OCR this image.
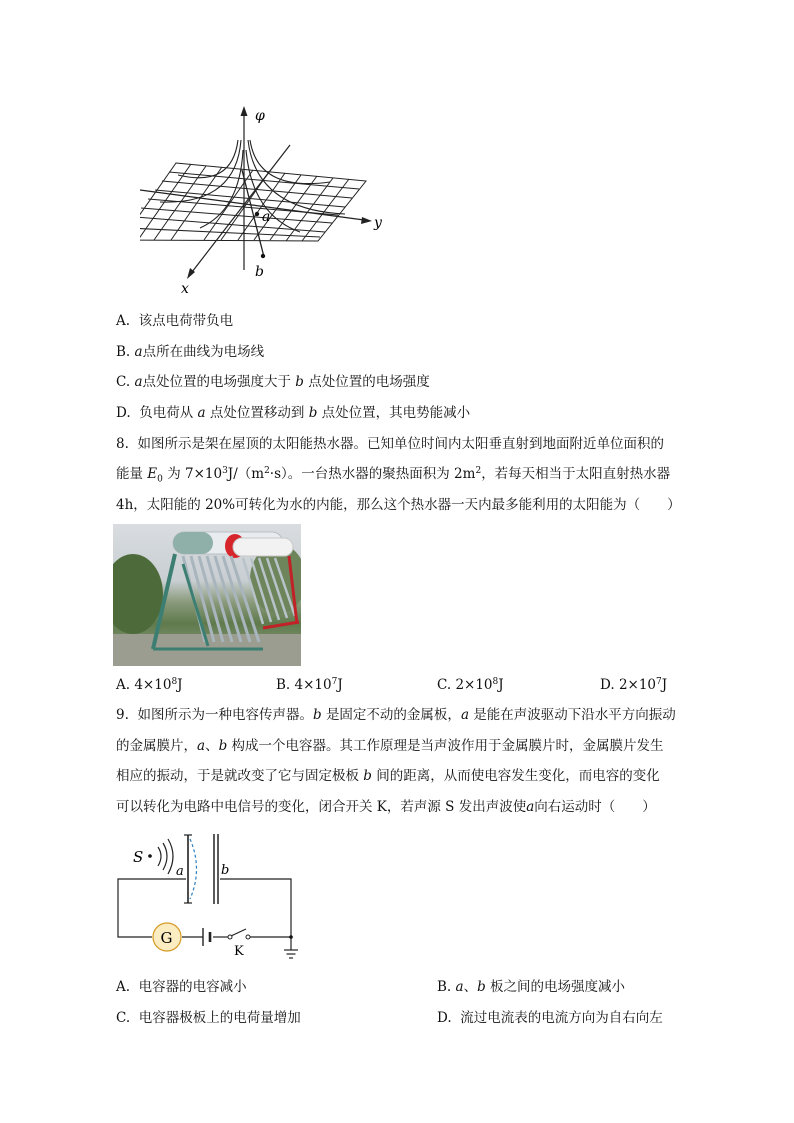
φ
y
x
a
b
A. 该点电荷带负电
B. a点所在曲线为电场线
C. a点处位置的电场强度大于 b 点处位置的电场强度
D. 负电荷从 a 点处位置移动到 b 点处位置，其电势能减小
8. 如图所示是架在屋顶的太阳能热水器。已知单位时间内太阳垂直射到地面附近单位面积的
能量 $E_0$ 为 $7\times 10^3J/(m^2\cdot s)$。一台热水器的聚热面积为 $2m^2$，若每天相当于太阳直射热水器
4h，太阳能的 20%可转化为水的内能，那么这个热水器一天内最多能利用的太阳能为（　　）
A. $4\times 10^8J$	B. $4\times 10^7J$	C. $2\times 10^8J$	D. $2\times 10^7J$
9. 如图所示为一种电容传声器。b 是固定不动的金属板，a 是能在声波驱动下沿水平方向振动
的金属膜片，a、b 构成一个电容器。其工作原理是当声波作用于金属膜片时，金属膜片发生
相应的振动，于是就改变了它与固定极板 b 间的距离，从而使电容发生变化，而电容的变化
可以转化为电路中电信号的变化，闭合开关 K，若声源 S 发出声波使a向右运动时（　　）
G
S
a	b
K
A. 电容器的电容减小	B. a、b 板之间的电场强度减小
C. 电容器极板上的电荷量增加	D. 流过电流表的电流方向为自右向左
